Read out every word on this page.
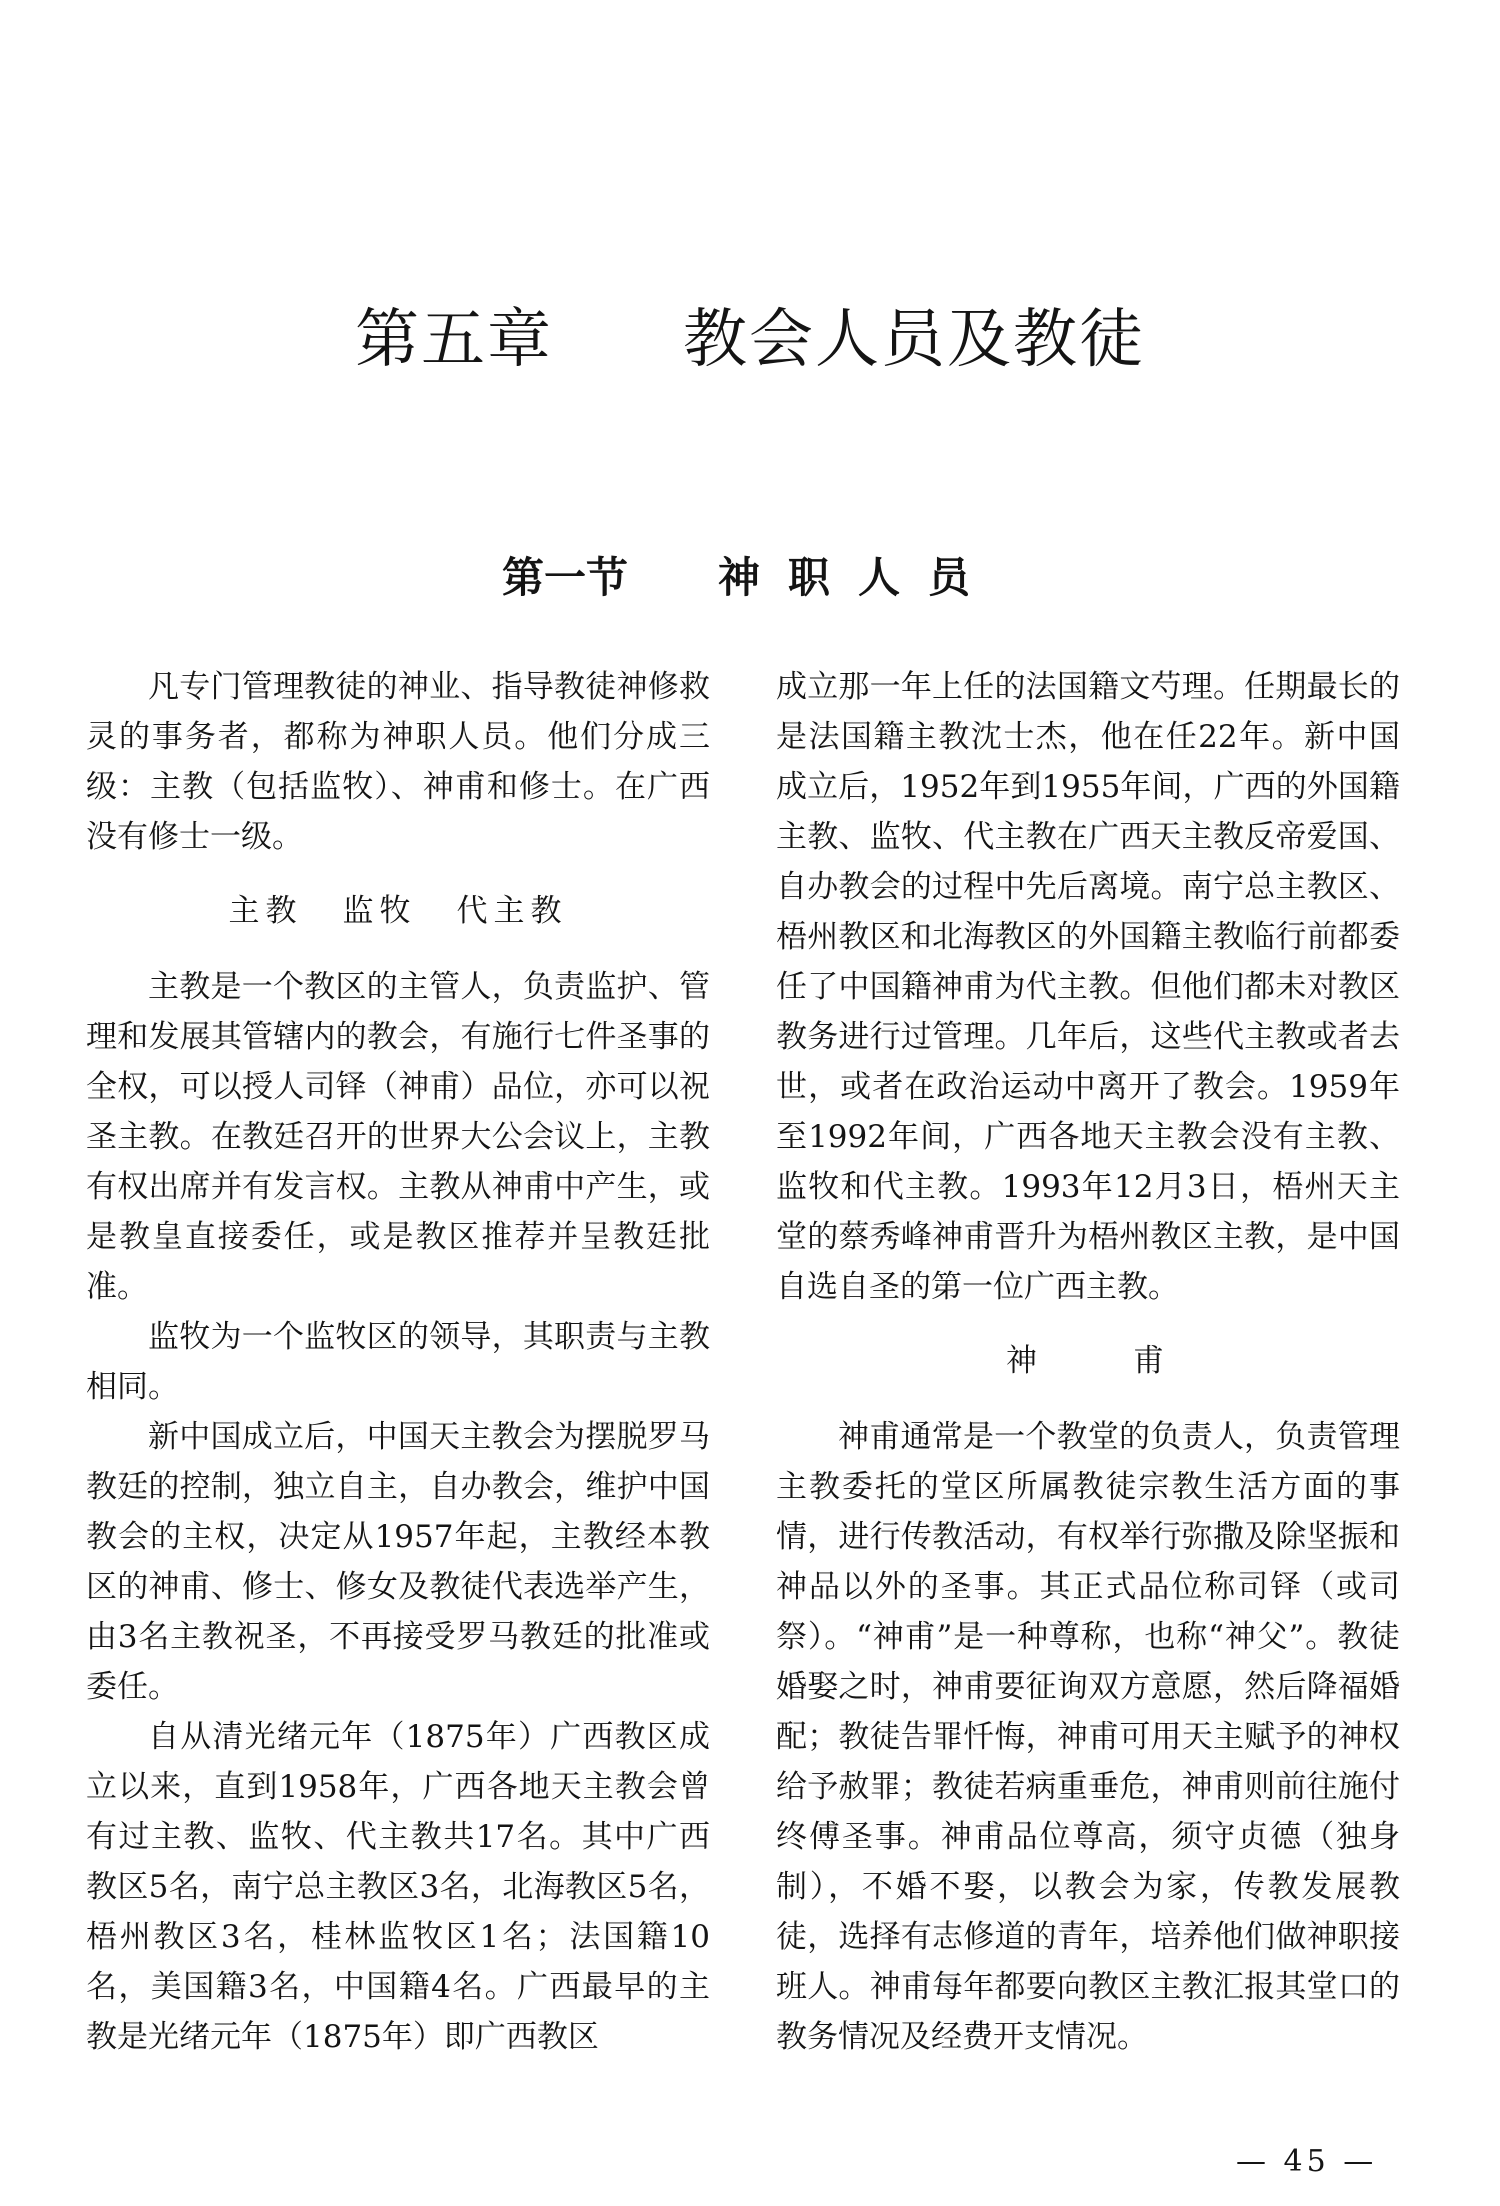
第五章 教会人员及教徒
第一节 神职人员

凡专门管理教徒的神业、指导教徒神修救灵的事务者，都称为神职人员。他们分成三级：主教（包括监牧）、神甫和修士。在广西没有修士一级。

主教 监牧 代主教

主教是一个教区的主管人，负责监护、管理和发展其管辖内的教会，有施行七件圣事的全权，可以授人司铎（神甫）品位，亦可以祝圣主教。在教廷召开的世界大公会议上，主教有权出席并有发言权。主教从神甫中产生，或是教皇直接委任，或是教区推荐并呈教廷批准。

监牧为一个监牧区的领导，其职责与主教相同。

新中国成立后，中国天主教会为摆脱罗马教廷的控制，独立自主，自办教会，维护中国教会的主权，决定从1957年起，主教经本教区的神甫、修士、修女及教徒代表选举产生，由3名主教祝圣，不再接受罗马教廷的批准或委任。

自从清光绪元年（1875年）广西教区成立以来，直到1958年，广西各地天主教会曾有过主教、监牧、代主教共17名。其中广西教区5名，南宁总主教区3名，北海教区5名，梧州教区3名，桂林监牧区1名；法国籍10名，美国籍3名，中国籍4名。广西最早的主教是光绪元年（1875年）即广西教区

成立那一年上任的法国籍文芍理。任期最长的是法国籍主教沈士杰，他在任22年。新中国成立后，1952年到1955年间，广西的外国籍主教、监牧、代主教在广西天主教反帝爱国、自办教会的过程中先后离境。南宁总主教区、梧州教区和北海教区的外国籍主教临行前都委任了中国籍神甫为代主教。但他们都未对教区教务进行过管理。几年后，这些代主教或者去世，或者在政治运动中离开了教会。1959年至1992年间，广西各地天主教会没有主教、监牧和代主教。1993年12月3日，梧州天主堂的蔡秀峰神甫晋升为梧州教区主教，是中国自选自圣的第一位广西主教。

神	甫

神甫通常是一个教堂的负责人，负责管理主教委托的堂区所属教徒宗教生活方面的事情，进行传教活动，有权举行弥撒及除坚振和神品以外的圣事。其正式品位称司铎（或司祭）。“神甫”是一种尊称，也称“神父”。教徒婚娶之时，神甫要征询双方意愿，然后降福婚配；教徒告罪忏悔，神甫可用天主赋予的神权给予赦罪；教徒若病重垂危，神甫则前往施付终傅圣事。神甫品位尊高，须守贞德（独身制），不婚不娶，以教会为家，传教发展教徒，选择有志修道的青年，培养他们做神职接班人。神甫每年都要向教区主教汇报其堂口的教务情况及经费开支情况。

— 45 —
